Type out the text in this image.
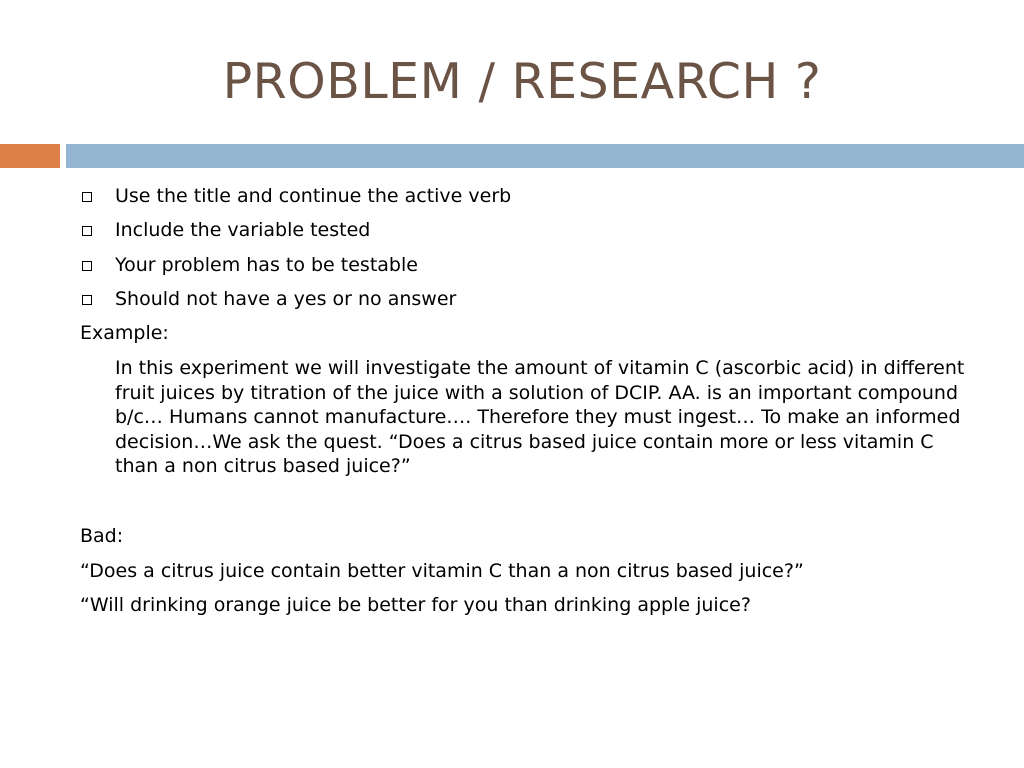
PROBLEM / RESEARCH ?
Use the title and continue the active verb
Include the variable tested
Your problem has to be testable
Should not have a yes or no answer
Example:
In this experiment we will investigate the amount of vitamin C (ascorbic acid) in different fruit juices by titration of the juice with a solution of DCIP. AA. is an important compound b/c… Humans cannot manufacture…. Therefore they must ingest… To make an informed decision…We ask the quest. “Does a citrus based juice contain more or less vitamin C than a non citrus based juice?”
Bad:
“Does a citrus juice contain better vitamin C than a non citrus based juice?”
“Will drinking orange juice be better for you than drinking apple juice?
